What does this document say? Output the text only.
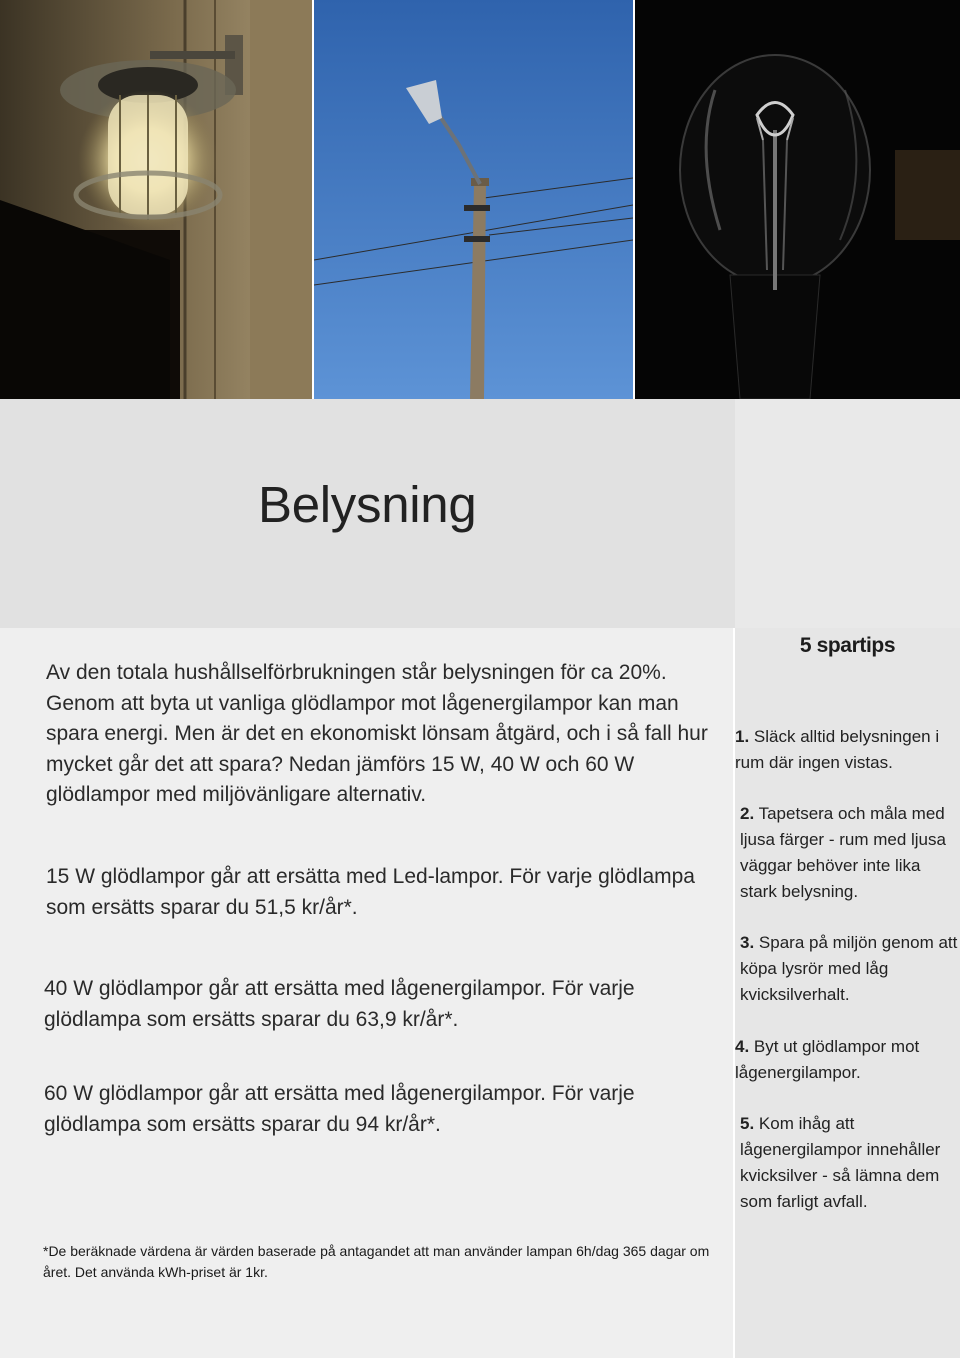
Belysning

Av den totala hushållselförbrukningen står belysningen för ca 20%. Genom att byta ut vanliga glödlampor mot lågenergilampor kan man spara energi. Men är det en ekonomiskt lönsam åtgärd, och i så fall hur mycket går det att spara? Nedan jämförs 15 W, 40 W och 60 W glödlampor med miljövänligare alternativ.

15 W glödlampor går att ersätta med Led-lampor. För varje glödlampa som ersätts sparar du 51,5 kr/år*.

40 W glödlampor går att ersätta med lågenergilampor. För varje glödlampa som ersätts sparar du 63,9 kr/år*.

60 W glödlampor går att ersätta med lågenergilampor. För varje glödlampa som ersätts sparar du 94 kr/år*.

*De beräknade värdena är värden baserade på antagandet att man använder lampan 6h/dag 365 dagar om året. Det använda kWh-priset är 1kr.

5 spartips

1. Släck alltid belysningen i rum där ingen vistas.

2. Tapetsera och måla med ljusa färger - rum med ljusa väggar behöver inte lika stark belysning.

3. Spara på miljön genom att köpa lysrör med låg kvicksilverhalt.

4. Byt ut glödlampor mot lågenergilampor.

5. Kom ihåg att lågenergilampor innehåller kvicksilver - så lämna dem som farligt avfall.
